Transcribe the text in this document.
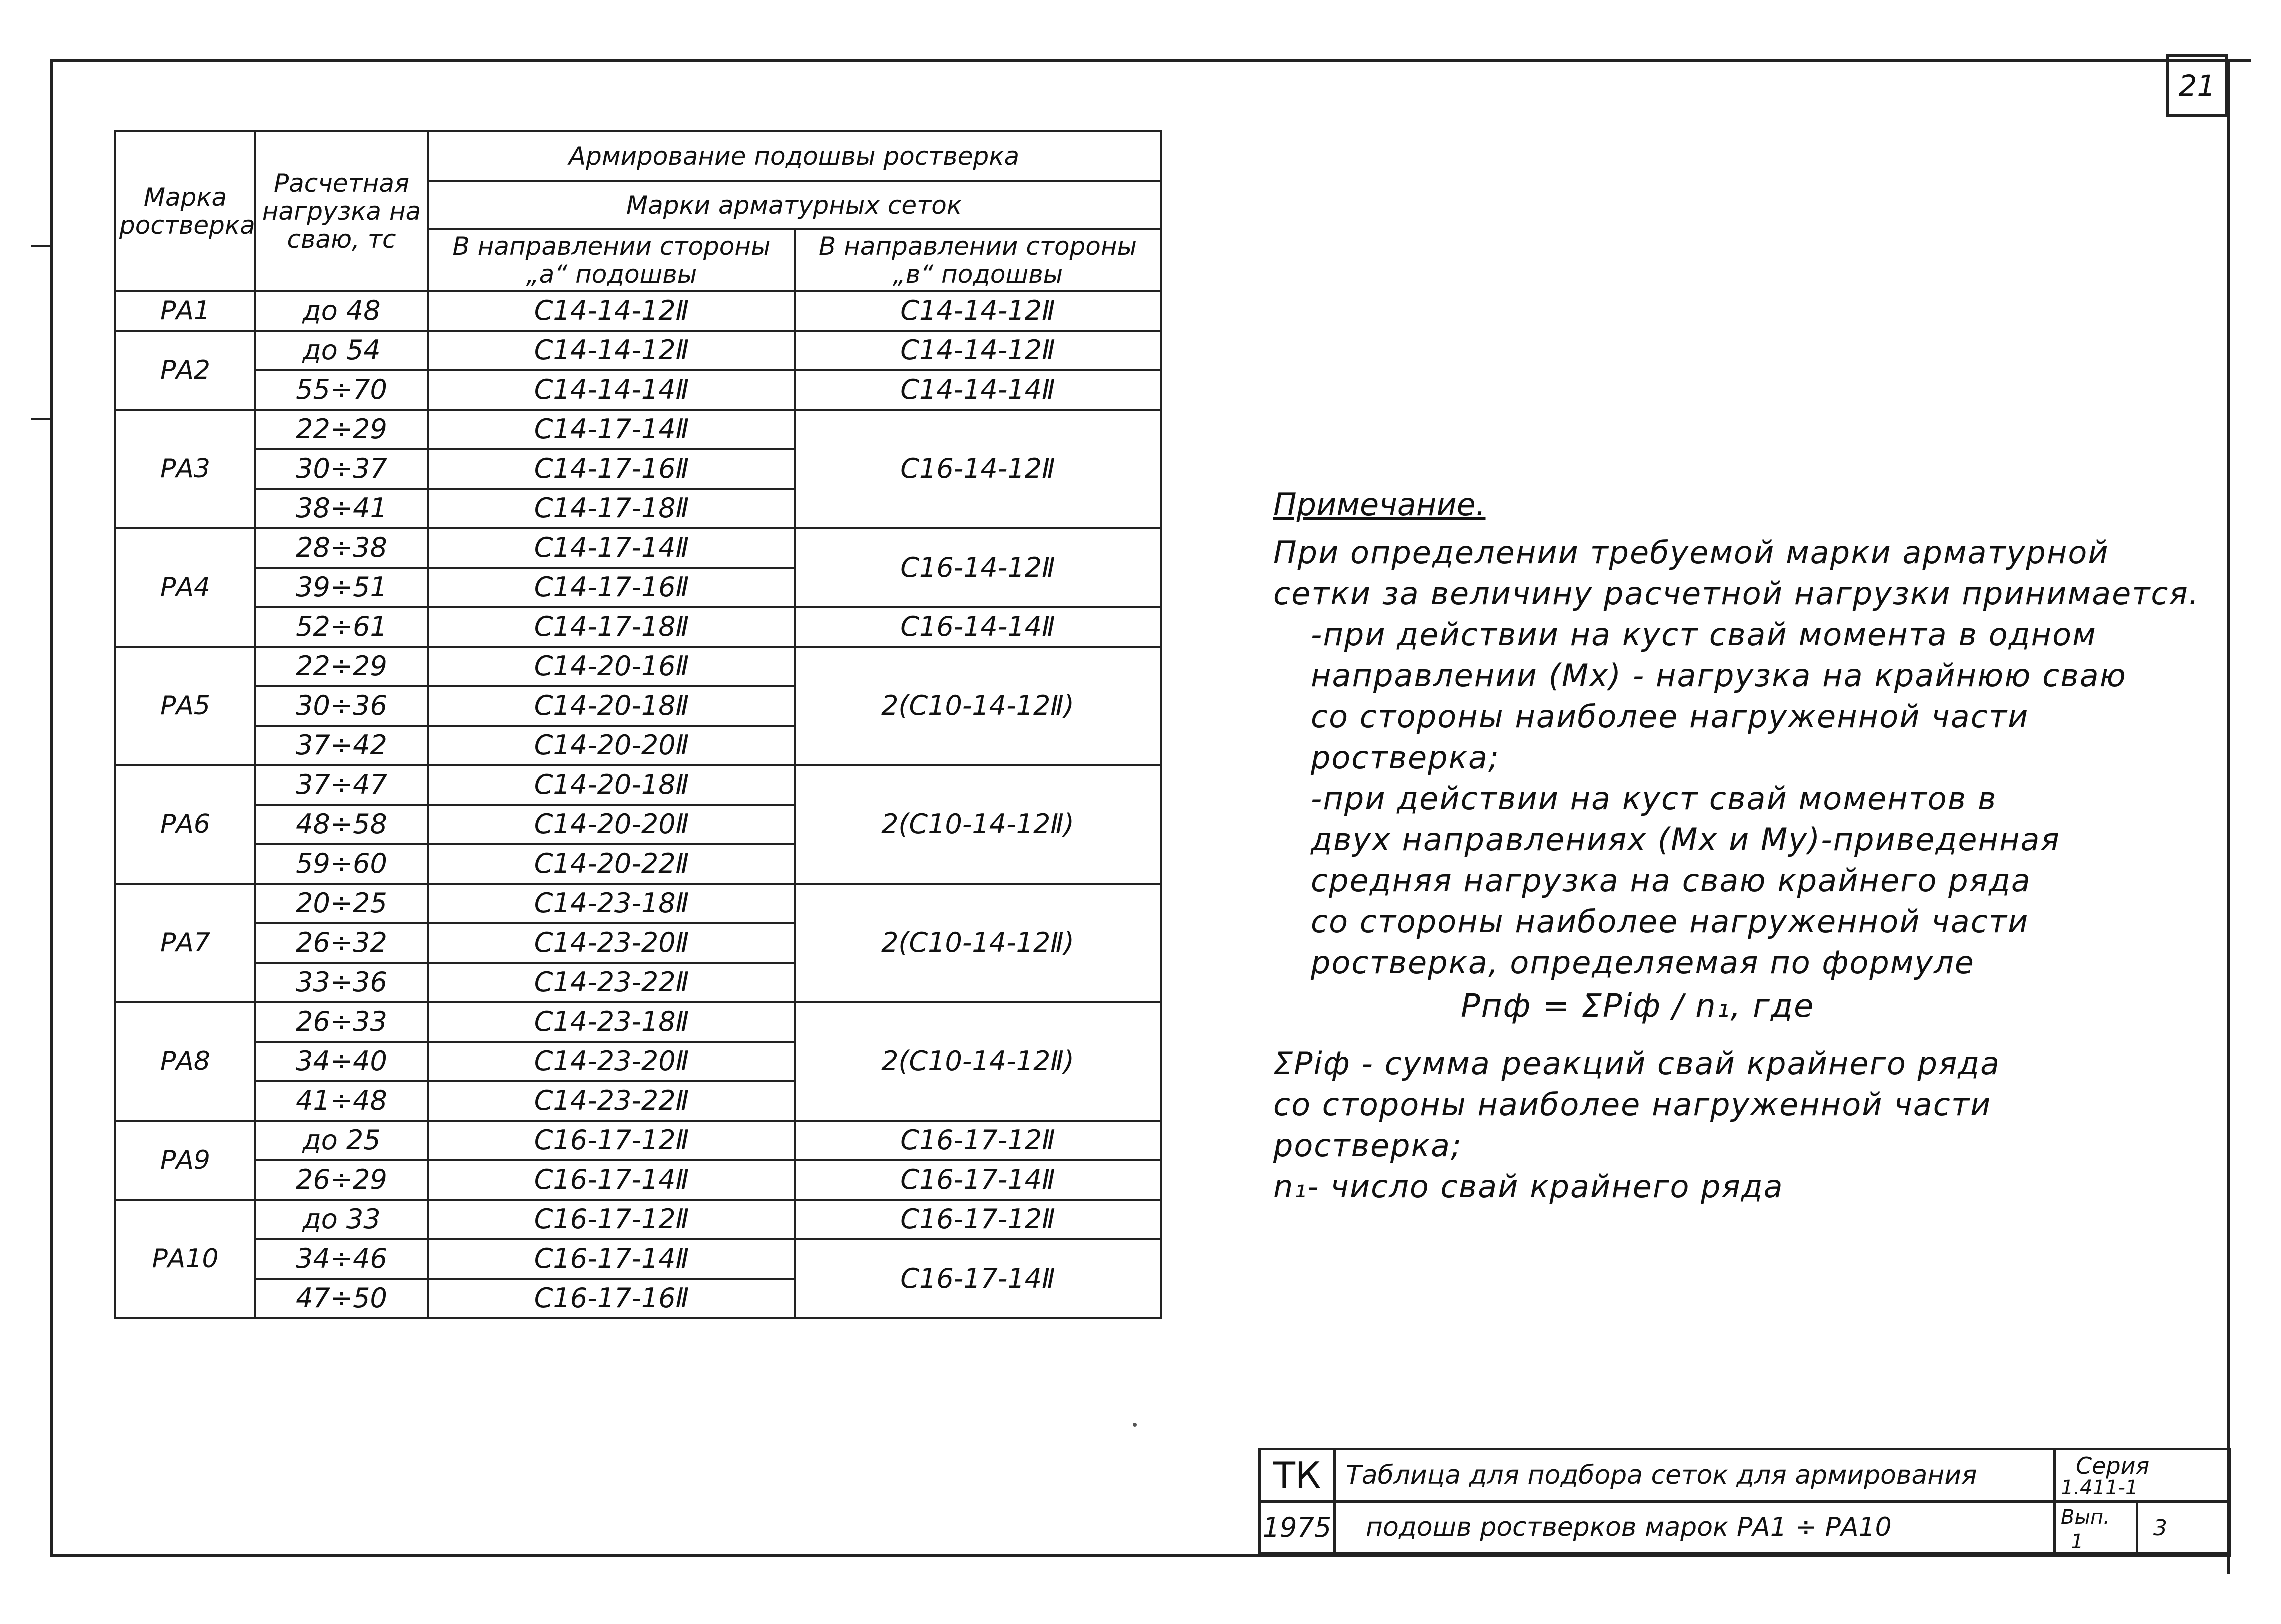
21
Марка ростверка	Расчетная нагрузка на сваю, тс	Армирование подошвы ростверка	
		Марки арматурных сеток	
		В направлении стороны „а“ подошвы	В направлении стороны „в“ подошвы
РА1	до 48	С14-14-12Ⅱ	С14-14-12Ⅱ
РА2	до 54	С14-14-12Ⅱ	С14-14-12Ⅱ
	55÷70	С14-14-14Ⅱ	С14-14-14Ⅱ
РА3	22÷29	С14-17-14Ⅱ	С16-14-12Ⅱ
	30÷37	С14-17-16Ⅱ	
	38÷41	С14-17-18Ⅱ	
РА4	28÷38	С14-17-14Ⅱ	С16-14-12Ⅱ
	39÷51	С14-17-16Ⅱ	
	52÷61	С14-17-18Ⅱ	С16-14-14Ⅱ
РА5	22÷29	С14-20-16Ⅱ	2(С10-14-12Ⅱ)
	30÷36	С14-20-18Ⅱ	
	37÷42	С14-20-20Ⅱ	
РА6	37÷47	С14-20-18Ⅱ	2(С10-14-12Ⅱ)
	48÷58	С14-20-20Ⅱ	
	59÷60	С14-20-22Ⅱ	
РА7	20÷25	С14-23-18Ⅱ	2(С10-14-12Ⅱ)
	26÷32	С14-23-20Ⅱ	
	33÷36	С14-23-22Ⅱ	
РА8	26÷33	С14-23-18Ⅱ	2(С10-14-12Ⅱ)
	34÷40	С14-23-20Ⅱ	
	41÷48	С14-23-22Ⅱ	
РА9	до 25	С16-17-12Ⅱ	С16-17-12Ⅱ
	26÷29	С16-17-14Ⅱ	С16-17-14Ⅱ
РА10	до 33	С16-17-12Ⅱ	С16-17-12Ⅱ
	34÷46	С16-17-14Ⅱ	С16-17-14Ⅱ
	47÷50	С16-17-16Ⅱ	
Примечание.
При определении требуемой марки арматурной
сетки за величину расчетной нагрузки принимается.
-при действии на куст свай момента в одном
направлении (Мх) - нагрузка на крайнюю сваю
со стороны наиболее нагруженной части
ростверка;
-при действии на куст свай моментов в
двух направлениях (Мх и Му)-приведенная
средняя нагрузка на сваю крайнего ряда
со стороны наиболее нагруженной части
ростверка, определяемая по формуле
Pпф = ΣPiф / n₁, где
ΣPiф - сумма реакций свай крайнего ряда
со стороны наиболее нагруженной части
ростверка;
n₁- число свай крайнего ряда
ТК
1975
Таблица для подбора сеток для армирования
подошв ростверков марок РА1 ÷ РА10
Серия
1.411-1
Вып.
1
3
